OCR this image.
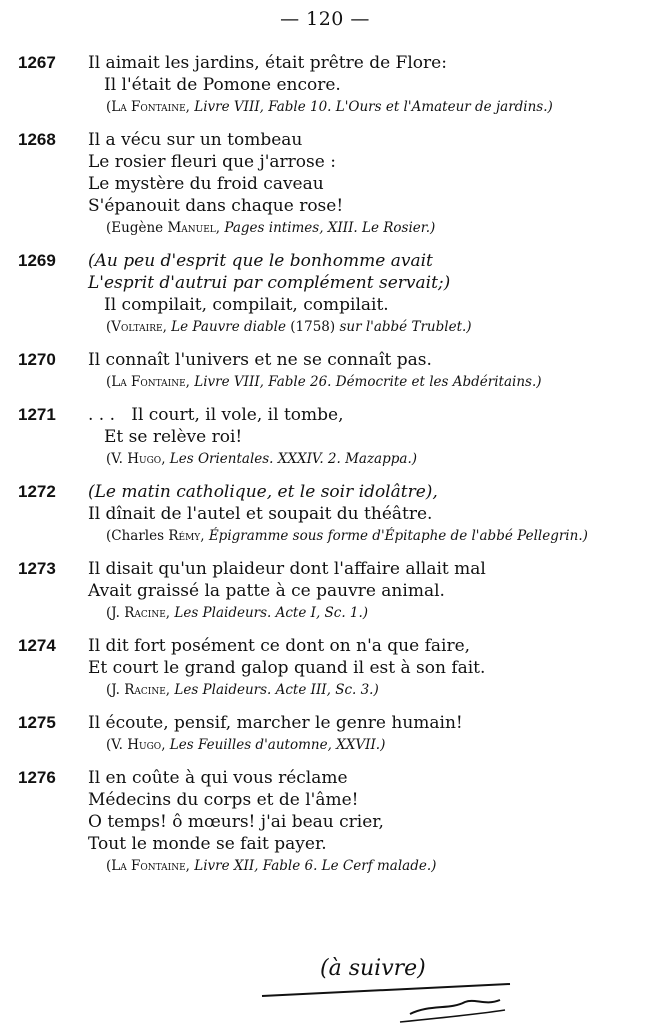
— 120 —
1267 Il aimait les jardins, était prêtre de Flore:
Il l'était de Pomone encore.
(La Fontaine, Livre VIII, Fable 10. L'Ours et l'Amateur de jardins.)
1268 Il a vécu sur un tombeau
Le rosier fleuri que j'arrose :
Le mystère du froid caveau
S'épanouit dans chaque rose!
(Eugène Manuel, Pages intimes, XIII. Le Rosier.)
1269 (Au peu d'esprit que le bonhomme avait
L'esprit d'autrui par complément servait;)
Il compilait, compilait, compilait.
(Voltaire, Le Pauvre diable (1758) sur l'abbé Trublet.)
1270 Il connaît l'univers et ne se connaît pas.
(La Fontaine, Livre VIII, Fable 26. Démocrite et les Abdéritains.)
1271 . . .   Il court, il vole, il tombe,
Et se relève roi!
(V. Hugo, Les Orientales. XXXIV. 2. Mazappa.)
1272 (Le matin catholique, et le soir idolâtre),
Il dînait de l'autel et soupait du théâtre.
(Charles Rémy, Épigramme sous forme d'Épitaphe de l'abbé Pellegrin.)
1273 Il disait qu'un plaideur dont l'affaire allait mal
Avait graissé la patte à ce pauvre animal.
(J. Racine, Les Plaideurs. Acte I, Sc. 1.)
1274 Il dit fort posément ce dont on n'a que faire,
Et court le grand galop quand il est à son fait.
(J. Racine, Les Plaideurs. Acte III, Sc. 3.)
1275 Il écoute, pensif, marcher le genre humain!
(V. Hugo, Les Feuilles d'automne, XXVII.)
1276 Il en coûte à qui vous réclame
Médecins du corps et de l'âme!
O temps! ô mœurs! j'ai beau crier,
Tout le monde se fait payer.
(La Fontaine, Livre XII, Fable 6. Le Cerf malade.)
(à suivre)
